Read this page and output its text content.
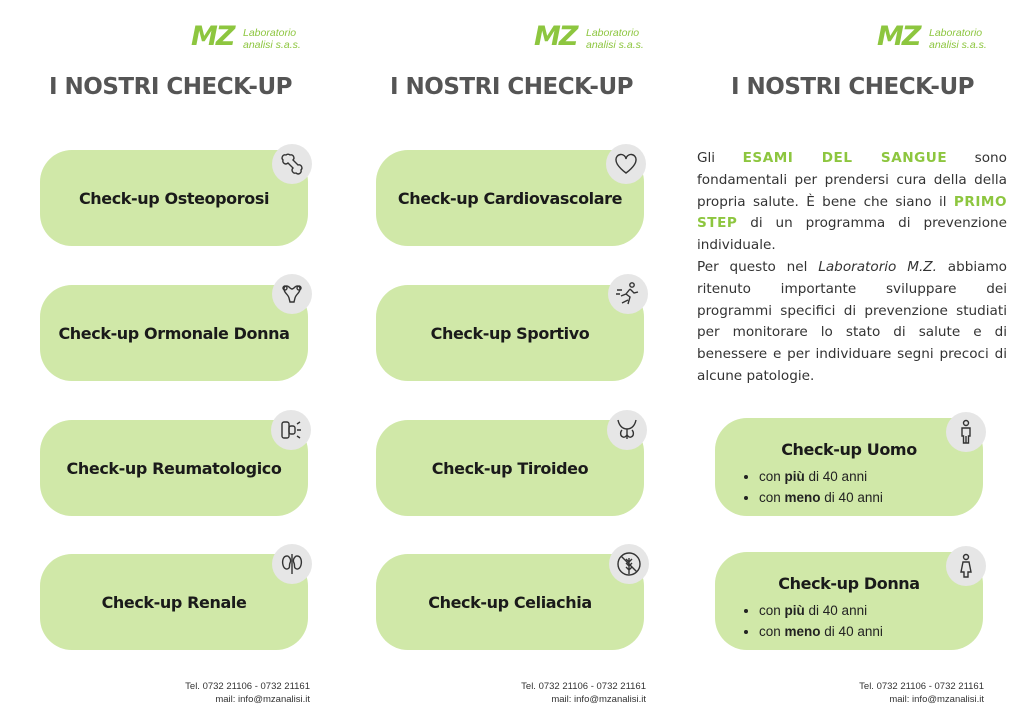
MZ Laboratorio
analisi s.a.s.
I NOSTRI CHECK-UP
Check-up Osteoporosi
Check-up Ormonale Donna
Check-up Reumatologico
Check-up Renale
Tel. 0732 21106 - 0732 21161
mail: info@mzanalisi.it
MZ Laboratorio
analisi s.a.s.
I NOSTRI CHECK-UP
Check-up Cardiovascolare
Check-up Sportivo
Check-up Tiroideo
Check-up Celiachia
Tel. 0732 21106 - 0732 21161
mail: info@mzanalisi.it
MZ Laboratorio
analisi s.a.s.
I NOSTRI CHECK-UP
Tel. 0732 21106 - 0732 21161
mail: info@mzanalisi.it
Gli ESAMI DEL SANGUE sono fondamentali per prendersi cura della della propria salute. È bene che siano il PRIMO STEP di un programma di prevenzione individuale.
Per questo nel Laboratorio M.Z. abbiamo ritenuto importante sviluppare dei programmi specifici di prevenzione studiati per monitorare lo stato di salute e di benessere e per individuare segni precoci di alcune patologie.
Check-up Uomo
• con più di 40 anni
• con meno di 40 anni
Check-up Donna
• con più di 40 anni
• con meno di 40 anni
